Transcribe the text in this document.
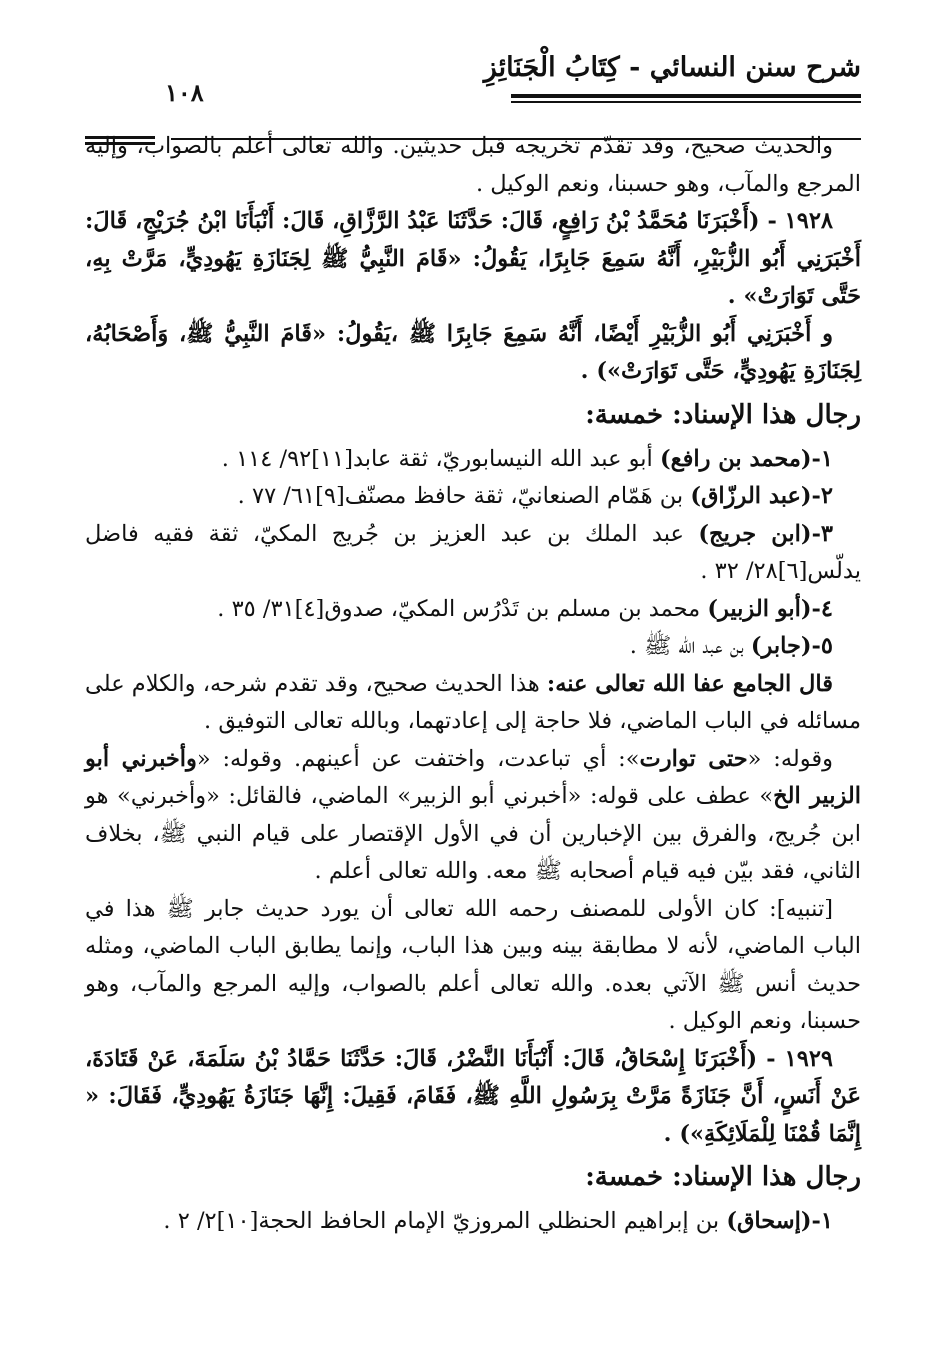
شرح سنن النسائي - كِتَابُ الْجَنَائِزِ
١٠٨

والحديث صحيح، وقد تقدّم تخريجه قبل حديثين. والله تعالى أعلم بالصواب، وإليه المرجع والمآب، وهو حسبنا، ونعم الوكيل .

١٩٢٨ - (أَخْبَرَنَا مُحَمَّدُ بْنُ رَافِعٍ، قَالَ: حَدَّثَنَا عَبْدُ الرَّزَّاقِ، قَالَ: أَنْبَأَنَا ابْنُ جُرَيْجٍ، قَالَ: أَخْبَرَنِي أَبُو الزُّبَيْرِ، أَنَّهُ سَمِعَ جَابِرًا، يَقُولُ: «قَامَ النَّبِيُّ ﷺ لِجَنَازَةِ يَهُودِيٍّ، مَرَّتْ بِهِ، حَتَّى تَوَارَتْ» .

و أَخْبَرَنِي أَبُو الزُّبَيْرِ أَيْضًا، أَنَّهُ سَمِعَ جَابِرًا ﷺ ،يَقُولُ: «قَامَ النَّبِيُّ ﷺ، وَأَصْحَابُهُ، لِجَنَازَةِ يَهُودِيٍّ، حَتَّى تَوَارَتْ») .

رجال هذا الإسناد: خمسة:

١-(محمد بن رافع) أبو عبد الله النيسابوريّ، ثقة عابد[١١]٩٢/ ١١٤ .

٢-(عبد الرزّاق) بن هَمّام الصنعانيّ، ثقة حافظ مصنّف[٩]٦١/ ٧٧ .

٣-(ابن جريج) عبد الملك بن عبد العزيز بن جُريج المكيّ، ثقة فقيه فاضل يدلّس[٦]٢٨/ ٣٢ .

٤-(أبو الزبير) محمد بن مسلم بن تَدْرُس المكيّ، صدوق[٤]٣١/ ٣٥ .

٥-(جابر) بن عبد الله ﷺ .

قال الجامع عفا الله تعالى عنه: هذا الحديث صحيح، وقد تقدم شرحه، والكلام على مسائله في الباب الماضي، فلا حاجة إلى إعادتهما، وبالله تعالى التوفيق .

وقوله: «حتى توارت»: أي تباعدت، واختفت عن أعينهم. وقوله: «وأخبرني أبو الزبير الخ» عطف على قوله: «أخبرني أبو الزبير» الماضي، فالقائل: «وأخبرني» هو ابن جُريج، والفرق بين الإخبارين أن في الأول الإقتصار على قيام النبي ﷺ، بخلاف الثاني، فقد بيّن فيه قيام أصحابه ﷺ معه. والله تعالى أعلم .

[تنبيه]: كان الأولى للمصنف رحمه الله تعالى أن يورد حديث جابر ﷺ هذا في الباب الماضي، لأنه لا مطابقة بينه وبين هذا الباب، وإنما يطابق الباب الماضي، ومثله حديث أنس ﷺ الآتي بعده. والله تعالى أعلم بالصواب، وإليه المرجع والمآب، وهو حسبنا، ونعم الوكيل .

١٩٢٩ - (أَخْبَرَنَا إِسْحَاقُ، قَالَ: أَنْبَأَنَا النَّضْرُ، قَالَ: حَدَّثَنَا حَمَّادُ بْنُ سَلَمَةَ، عَنْ قَتَادَةَ، عَنْ أَنَسٍ، أَنَّ جَنَازَةً مَرَّتْ بِرَسُولِ اللَّهِ ﷺ، فَقَامَ، فَقِيلَ: إِنَّهَا جَنَازَةُ يَهُودِيٍّ، فَقَالَ: « إِنَّمَا قُمْنَا لِلْمَلَائِكَةِ») .

رجال هذا الإسناد: خمسة:

١-(إسحاق) بن إبراهيم الحنظلي المروزيّ الإمام الحافظ الحجة[١٠]٢/ ٢ .
